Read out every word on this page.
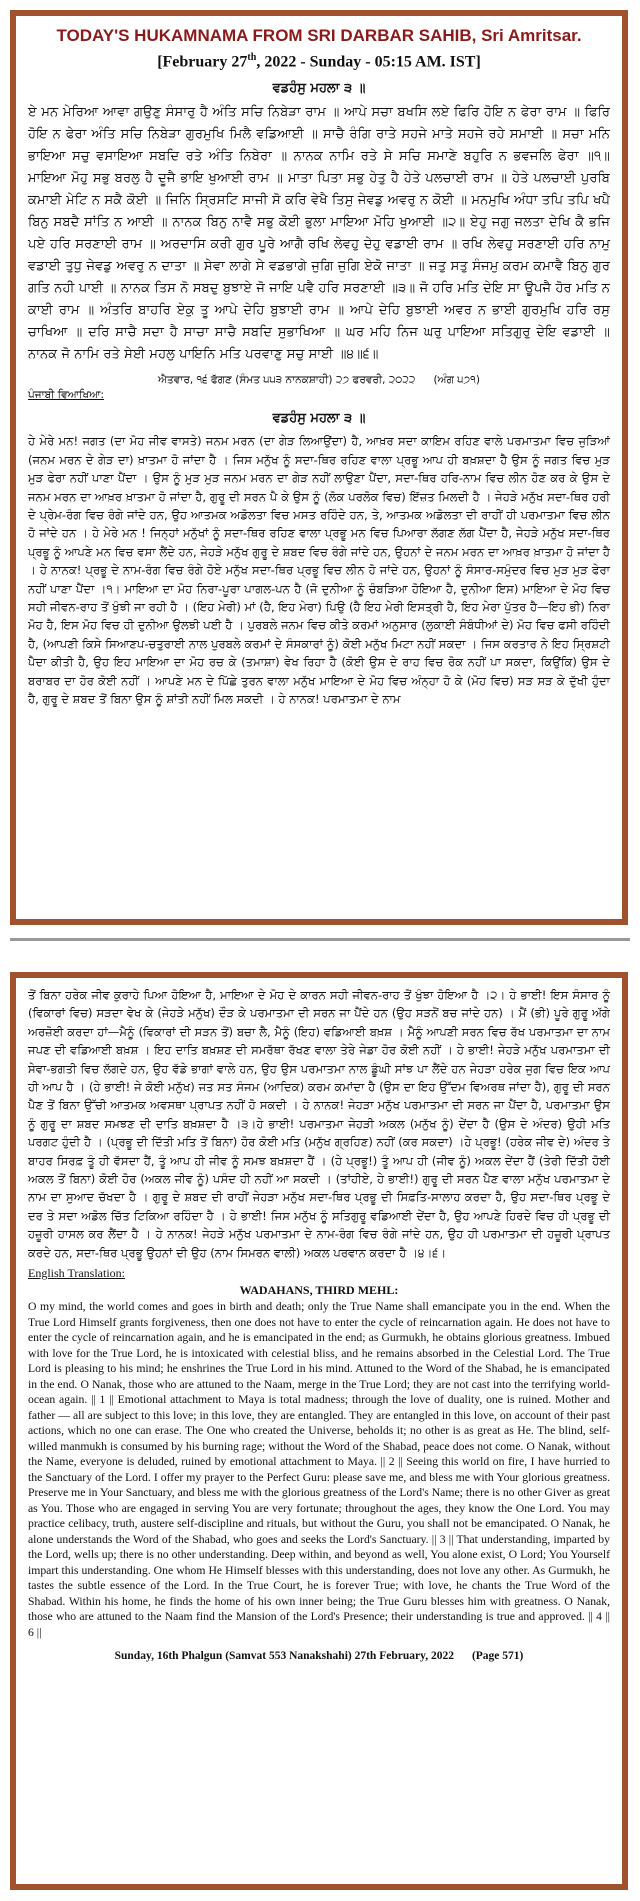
TODAY'S HUKAMNAMA FROM SRI DARBAR SAHIB, Sri Amritsar.
[February 27th, 2022 - Sunday - 05:15 AM. IST]
ਵਡਹੰਸੁ ਮਹਲਾ ੩ ॥
ਏ ਮਨ ਮੇਰਿਆ ਆਵਾ ਗਉਣੁ ਸੰਸਾਰੁ ਹੈ ਅੰਤਿ ਸਚਿ ਨਿਬੇੜਾ ਰਾਮ ॥ ਆਪੇ ਸਚਾ ਬਖਸਿ ਲਏ ਫਿਰਿ ਹੋਇ ਨ ਫੇਰਾ ਰਾਮ ॥ ਫਿਰਿ ਹੋਇ ਨ ਫੇਰਾ ਅੰਤਿ ਸਚਿ ਨਿਬੇੜਾ ਗੁਰਮੁਖਿ ਮਿਲੈ ਵਡਿਆਈ ॥ ਸਾਚੈ ਰੰਗਿ ਰਾਤੇ ਸਹਜੇ ਮਾਤੇ ਸਹਜੇ ਰਹੇ ਸਮਾਈ ॥ ਸਚਾ ਮਨਿ ਭਾਇਆ ਸਚੁ ਵਸਾਇਆ ਸਬਦਿ ਰਤੇ ਅੰਤਿ ਨਿਬੇਰਾ ॥ ਨਾਨਕ ਨਾਮਿ ਰਤੇ ਸੇ ਸਚਿ ਸਮਾਣੇ ਬਹੁਰਿ ਨ ਭਵਜਲਿ ਫੇਰਾ ॥੧॥ ਮਾਇਆ ਮੋਹੁ ਸਭੁ ਬਰਲੁ ਹੈ ਦੂਜੈ ਭਾਇ ਖੁਆਈ ਰਾਮ ॥ ਮਾਤਾ ਪਿਤਾ ਸਭੁ ਹੇਤੁ ਹੈ ਹੇਤੇ ਪਲਚਾਈ ਰਾਮ ॥ ਹੇਤੇ ਪਲਚਾਈ ਪੁਰਬਿ ਕਮਾਈ ਮੇਟਿ ਨ ਸਕੈ ਕੋਈ ॥ ਜਿਨਿ ਸ੍ਰਿਸਟਿ ਸਾਜੀ ਸੋ ਕਰਿ ਵੇਖੈ ਤਿਸੁ ਜੇਵਡੁ ਅਵਰੁ ਨ ਕੋਈ ॥ ਮਨਮੁਖਿ ਅੰਧਾ ਤਪਿ ਤਪਿ ਖਪੈ ਬਿਨੁ ਸਬਦੈ ਸਾਂਤਿ ਨ ਆਈ ॥ ਨਾਨਕ ਬਿਨੁ ਨਾਵੈ ਸਭੁ ਕੋਈ ਭੁਲਾ ਮਾਇਆ ਮੋਹਿ ਖੁਆਈ ॥੨॥ ਏਹੁ ਜਗੁ ਜਲਤਾ ਦੇਖਿ ਕੈ ਭਜਿ ਪਏ ਹਰਿ ਸਰਣਾਈ ਰਾਮ ॥ ਅਰਦਾਸਿ ਕਰੀ ਗੁਰ ਪੂਰੇ ਆਗੈ ਰਖਿ ਲੇਵਹੁ ਦੇਹੁ ਵਡਾਈ ਰਾਮ ॥ ਰਖਿ ਲੇਵਹੁ ਸਰਣਾਈ ਹਰਿ ਨਾਮੁ ਵਡਾਈ ਤੁਧੁ ਜੇਵਡੁ ਅਵਰੁ ਨ ਦਾਤਾ ॥ ਸੇਵਾ ਲਾਗੇ ਸੇ ਵਡਭਾਗੇ ਜੁਗਿ ਜੁਗਿ ਏਕੋ ਜਾਤਾ ॥ ਜਤੁ ਸਤੁ ਸੰਜਮੁ ਕਰਮ ਕਮਾਵੈ ਬਿਨੁ ਗੁਰ ਗਤਿ ਨਹੀ ਪਾਈ ॥ ਨਾਨਕ ਤਿਸ ਨੋ ਸਬਦੁ ਬੁਝਾਏ ਜੋ ਜਾਇ ਪਵੈ ਹਰਿ ਸਰਣਾਈ ॥੩॥ ਜੋ ਹਰਿ ਮਤਿ ਦੇਇ ਸਾ ਊਪਜੈ ਹੋਰ ਮਤਿ ਨ ਕਾਈ ਰਾਮ ॥ ਅੰਤਰਿ ਬਾਹਰਿ ਏਕੁ ਤੂ ਆਪੇ ਦੇਹਿ ਬੁਝਾਈ ਰਾਮ ॥ ਆਪੇ ਦੇਹਿ ਬੁਝਾਈ ਅਵਰ ਨ ਭਾਈ ਗੁਰਮੁਖਿ ਹਰਿ ਰਸੁ ਚਾਖਿਆ ॥ ਦਰਿ ਸਾਚੈ ਸਦਾ ਹੈ ਸਾਚਾ ਸਾਚੈ ਸਬਦਿ ਸੁਭਾਖਿਆ ॥ ਘਰ ਮਹਿ ਨਿਜ ਘਰੁ ਪਾਇਆ ਸਤਿਗੁਰੁ ਦੇਇ ਵਡਾਈ ॥ ਨਾਨਕ ਜੋ ਨਾਮਿ ਰਤੇ ਸੇਈ ਮਹਲੁ ਪਾਇਨਿ ਮਤਿ ਪਰਵਾਣੁ ਸਚੁ ਸਾਈ ॥੪॥੬॥
ਐਤਵਾਰ, ੧੬ ਫੱਗਣ (ਸੰਮਤ ੫੫੩ ਨਾਨਕਸ਼ਾਹੀ) ੨੭ ਫਰਵਰੀ, ੨੦੨੨ (ਅੰਗ ੫੭੧)
ਪੰਜਾਬੀ ਵਿਆਖਿਆ:
ਵਡਹੰਸੁ ਮਹਲਾ ੩ ॥
ਹੇ ਮੇਰੇ ਮਨ! ਜਗਤ (ਦਾ ਮੋਹ ਜੀਵ ਵਾਸਤੇ) ਜਨਮ ਮਰਨ (ਦਾ ਗੇੜ ਲਿਆਉਂਦਾ) ਹੈ, ਆਖ਼ਰ ਸਦਾ ਕਾਇਮ ਰਹਿਣ ਵਾਲੇ ਪਰਮਾਤਮਾ ਵਿਚ ਜੁੜਿਆਂ (ਜਨਮ ਮਰਨ ਦੇ ਗੇੜ ਦਾ) ਖ਼ਾਤਮਾ ਹੋ ਜਾਂਦਾ ਹੈ । ਜਿਸ ਮਨੁੱਖ ਨੂੰ ਸਦਾ-ਥਿਰ ਰਹਿਣ ਵਾਲਾ ਪ੍ਰਭੂ ਆਪ ਹੀ ਬਖ਼ਸ਼ਦਾ ਹੈ ਉਸ ਨੂੰ ਜਗਤ ਵਿਚ ਮੁੜ ਮੁੜ ਫੇਰਾ ਨਹੀਂ ਪਾਣਾ ਪੈਂਦਾ । ਉਸ ਨੂੰ ਮੁੜ ਮੁੜ ਜਨਮ ਮਰਨ ਦਾ ਗੇੜ ਨਹੀਂ ਲਾਉਣਾ ਪੈਂਦਾ, ਸਦਾ-ਥਿਰ ਹਰਿ-ਨਾਮ ਵਿਚ ਲੀਨ ਹੋਣ ਕਰ ਕੇ ਉਸ ਦੇ ਜਨਮ ਮਰਨ ਦਾ ਆਖ਼ਰ ਖ਼ਾਤਮਾ ਹੋ ਜਾਂਦਾ ਹੈ, ਗੁਰੂ ਦੀ ਸਰਨ ਪੈ ਕੇ ਉਸ ਨੂੰ (ਲੋਕ ਪਰਲੋਕ ਵਿਚ) ਇੱਜ਼ਤ ਮਿਲਦੀ ਹੈ । ਜੇਹੜੇ ਮਨੁੱਖ ਸਦਾ-ਥਿਰ ਹਰੀ ਦੇ ਪ੍ਰੇਮ-ਰੰਗ ਵਿਚ ਰੰਗੇ ਜਾਂਦੇ ਹਨ, ਉਹ ਆਤਮਕ ਅਡੋਲਤਾ ਵਿਚ ਮਸਤ ਰਹਿੰਦੇ ਹਨ, ਤੇ, ਆਤਮਕ ਅਡੋਲਤਾ ਦੀ ਰਾਹੀਂ ਹੀ ਪਰਮਾਤਮਾ ਵਿਚ ਲੀਨ ਹੋ ਜਾਂਦੇ ਹਨ । ਹੇ ਮੇਰੇ ਮਨ ! ਜਿਨ੍ਹਾਂ ਮਨੁੱਖਾਂ ਨੂੰ ਸਦਾ-ਥਿਰ ਰਹਿਣ ਵਾਲਾ ਪ੍ਰਭੂ ਮਨ ਵਿਚ ਪਿਆਰਾ ਲੱਗਣ ਲੱਗ ਪੈਂਦਾ ਹੈ, ਜੇਹੜੇ ਮਨੁੱਖ ਸਦਾ-ਥਿਰ ਪ੍ਰਭੂ ਨੂੰ ਆਪਣੇ ਮਨ ਵਿਚ ਵਸਾ ਲੈਂਦੇ ਹਨ, ਜੇਹੜੇ ਮਨੁੱਖ ਗੁਰੂ ਦੇ ਸ਼ਬਦ ਵਿਚ ਰੰਗੇ ਜਾਂਦੇ ਹਨ, ਉਹਨਾਂ ਦੇ ਜਨਮ ਮਰਨ ਦਾ ਆਖ਼ਰ ਖ਼ਾਤਮਾ ਹੋ ਜਾਂਦਾ ਹੈ । ਹੇ ਨਾਨਕ! ਪ੍ਰਭੂ ਦੇ ਨਾਮ-ਰੰਗ ਵਿਚ ਰੰਗੇ ਹੋਏ ਮਨੁੱਖ ਸਦਾ-ਥਿਰ ਪ੍ਰਭੂ ਵਿਚ ਲੀਨ ਹੋ ਜਾਂਦੇ ਹਨ, ਉਹਨਾਂ ਨੂੰ ਸੰਸਾਰ-ਸਮੁੰਦਰ ਵਿਚ ਮੁੜ ਮੁੜ ਫੇਰਾ ਨਹੀਂ ਪਾਣਾ ਪੈਂਦਾ ।੧। ਮਾਇਆ ਦਾ ਮੋਹ ਨਿਰਾ-ਪੂਰਾ ਪਾਗਲ-ਪਨ ਹੈ (ਜੋ ਦੁਨੀਆ ਨੂੰ ਚੰਬੜਿਆ ਹੋਇਆ ਹੈ, ਦੁਨੀਆ ਇਸ) ਮਾਇਆ ਦੇ ਮੋਹ ਵਿਚ ਸਹੀ ਜੀਵਨ-ਰਾਹ ਤੋਂ ਖੁੰਝੀ ਜਾ ਰਹੀ ਹੈ । (ਇਹ ਮੇਰੀ) ਮਾਂ (ਹੈ, ਇਹ ਮੇਰਾ) ਪਿਉ (ਹੈ ਇਹ ਮੇਰੀ ਇਸਤ੍ਰੀ ਹੈ, ਇਹ ਮੇਰਾ ਪੁੱਤਰ ਹੈ—ਇਹ ਭੀ) ਨਿਰਾ ਮੋਹ ਹੈ, ਇਸ ਮੋਹ ਵਿਚ ਹੀ ਦੁਨੀਆ ਉਲਝੀ ਪਈ ਹੈ । ਪੁਰਬਲੇ ਜਨਮ ਵਿਚ ਕੀਤੇ ਕਰਮਾਂ ਅਨੁਸਾਰ (ਲੁਕਾਈ ਸੰਬੰਧੀਆਂ ਦੇ) ਮੋਹ ਵਿਚ ਫਸੀ ਰਹਿੰਦੀ ਹੈ, (ਆਪਣੀ ਕਿਸੇ ਸਿਆਣਪ-ਚਤੁਰਾਈ ਨਾਲ ਪੁਰਬਲੇ ਕਰਮਾਂ ਦੇ ਸੰਸਕਾਰਾਂ ਨੂੰ) ਕੋਈ ਮਨੁੱਖ ਮਿਟਾ ਨਹੀਂ ਸਕਦਾ । ਜਿਸ ਕਰਤਾਰ ਨੇ ਇਹ ਸ੍ਰਿਸ਼ਟੀ ਪੈਦਾ ਕੀਤੀ ਹੈ, ਉਹ ਇਹ ਮਾਇਆ ਦਾ ਮੋਹ ਰਚ ਕੇ (ਤਮਾਸ਼ਾ) ਵੇਖ ਰਿਹਾ ਹੈ (ਕੋਈ ਉਸ ਦੇ ਰਾਹ ਵਿਚ ਰੋਕ ਨਹੀਂ ਪਾ ਸਕਦਾ, ਕਿਉਂਕਿ) ਉਸ ਦੇ ਬਰਾਬਰ ਦਾ ਹੋਰ ਕੋਈ ਨਹੀਂ । ਆਪਣੇ ਮਨ ਦੇ ਪਿੱਛੇ ਤੁਰਨ ਵਾਲਾ ਮਨੁੱਖ ਮਾਇਆ ਦੇ ਮੋਹ ਵਿਚ ਅੰਨ੍ਹਾ ਹੋ ਕੇ (ਮੋਹ ਵਿਚ) ਸੜ ਸੜ ਕੇ ਦੁੱਖੀ ਹੁੰਦਾ ਹੈ, ਗੁਰੂ ਦੇ ਸ਼ਬਦ ਤੋਂ ਬਿਨਾ ਉਸ ਨੂੰ ਸ਼ਾਂਤੀ ਨਹੀਂ ਮਿਲ ਸਕਦੀ । ਹੇ ਨਾਨਕ! ਪਰਮਾਤਮਾ ਦੇ ਨਾਮ
ਤੋਂ ਬਿਨਾ ਹਰੇਕ ਜੀਵ ਕੁਰਾਹੇ ਪਿਆ ਹੋਇਆ ਹੈ, ਮਾਇਆ ਦੇ ਮੋਹ ਦੇ ਕਾਰਨ ਸਹੀ ਜੀਵਨ-ਰਾਹ ਤੋਂ ਖੁੰਝਾ ਹੋਇਆ ਹੈ ।੨। ਹੇ ਭਾਈ! ਇਸ ਸੰਸਾਰ ਨੂੰ (ਵਿਕਾਰਾਂ ਵਿਚ) ਸੜਦਾ ਵੇਖ ਕੇ (ਜੇਹੜੇ ਮਨੁੱਖ) ਦੌੜ ਕੇ ਪਰਮਾਤਮਾ ਦੀ ਸਰਨ ਜਾ ਪੈਂਦੇ ਹਨ (ਉਹ ਸੜਨੋਂ ਬਚ ਜਾਂਦੇ ਹਨ) । ਮੈਂ (ਭੀ) ਪੂਰੇ ਗੁਰੂ ਅੱਗੇ ਅਰਜ਼ੋਈ ਕਰਦਾ ਹਾਂ—ਮੈਨੂੰ (ਵਿਕਾਰਾਂ ਦੀ ਸੜਨ ਤੋਂ) ਬਚਾ ਲੈ, ਮੈਨੂੰ (ਇਹ) ਵਡਿਆਈ ਬਖ਼ਸ਼ । ਮੈਨੂੰ ਆਪਣੀ ਸਰਨ ਵਿਚ ਰੱਖ ਪਰਮਾਤਮਾ ਦਾ ਨਾਮ ਜਪਣ ਦੀ ਵਡਿਆਈ ਬਖ਼ਸ਼ । ਇਹ ਦਾਤਿ ਬਖ਼ਸ਼ਣ ਦੀ ਸਮਰੱਥਾ ਰੱਖਣ ਵਾਲਾ ਤੇਰੇ ਜੇਡਾ ਹੋਰ ਕੋਈ ਨਹੀਂ । ਹੇ ਭਾਈ! ਜੇਹੜੇ ਮਨੁੱਖ ਪਰਮਾਤਮਾ ਦੀ ਸੇਵਾ-ਭਗਤੀ ਵਿਚ ਲੱਗਦੇ ਹਨ, ਉਹ ਵੱਡੇ ਭਾਗਾਂ ਵਾਲੇ ਹਨ, ਉਹ ਉਸ ਪਰਮਾਤਮਾ ਨਾਲ ਡੂੰਘੀ ਸਾਂਝ ਪਾ ਲੈਂਦੇ ਹਨ ਜੇਹੜਾ ਹਰੇਕ ਜੁਗ ਵਿਚ ਇਕ ਆਪ ਹੀ ਆਪ ਹੈ । (ਹੇ ਭਾਈ! ਜੇ ਕੋਈ ਮਨੁੱਖ) ਜਤ ਸਤ ਸੰਜਮ (ਆਦਿਕ) ਕਰਮ ਕਮਾਂਦਾ ਹੈ (ਉਸ ਦਾ ਇਹ ਉੱਦਮ ਵਿਅਰਥ ਜਾਂਦਾ ਹੈ), ਗੁਰੂ ਦੀ ਸਰਨ ਪੈਣ ਤੋਂ ਬਿਨਾ ਉੱਚੀ ਆਤਮਕ ਅਵਸਥਾ ਪ੍ਰਾਪਤ ਨਹੀਂ ਹੋ ਸਕਦੀ । ਹੇ ਨਾਨਕ! ਜੇਹੜਾ ਮਨੁੱਖ ਪਰਮਾਤਮਾ ਦੀ ਸਰਨ ਜਾ ਪੈਂਦਾ ਹੈ, ਪਰਮਾਤਮਾ ਉਸ ਨੂੰ ਗੁਰੂ ਦਾ ਸ਼ਬਦ ਸਮਝਣ ਦੀ ਦਾਤਿ ਬਖ਼ਸ਼ਦਾ ਹੈ ।੩।ਹੇ ਭਾਈ! ਪਰਮਾਤਮਾ ਜੇਹੜੀ ਅਕਲ (ਮਨੁੱਖ ਨੂੰ) ਦੇਂਦਾ ਹੈ (ਉਸ ਦੇ ਅੰਦਰ) ਉਹੀ ਮਤਿ ਪਰਗਟ ਹੁੰਦੀ ਹੈ । (ਪ੍ਰਭੂ ਦੀ ਦਿੱਤੀ ਮਤਿ ਤੋਂ ਬਿਨਾ) ਹੋਰ ਕੋਈ ਮਤਿ (ਮਨੁੱਖ ਗ੍ਰਹਿਣ) ਨਹੀਂ (ਕਰ ਸਕਦਾ) ।ਹੇ ਪ੍ਰਭੂ! (ਹਰੇਕ ਜੀਵ ਦੇ) ਅੰਦਰ ਤੇ ਬਾਹਰ ਸਿਰਫ਼ ਤੂੰ ਹੀ ਵੱਸਦਾ ਹੈਂ, ਤੂੰ ਆਪ ਹੀ ਜੀਵ ਨੂੰ ਸਮਝ ਬਖ਼ਸ਼ਦਾ ਹੈਂ । (ਹੇ ਪ੍ਰਭੂ!) ਤੂੰ ਆਪ ਹੀ (ਜੀਵ ਨੂੰ) ਅਕਲ ਦੇਂਦਾ ਹੈਂ (ਤੇਰੀ ਦਿੱਤੀ ਹੋਈ ਅਕਲ ਤੋਂ ਬਿਨਾ) ਕੋਈ ਹੋਰ (ਅਕਲ ਜੀਵ ਨੂੰ) ਪਸੰਦ ਹੀ ਨਹੀਂ ਆ ਸਕਦੀ । (ਤਾਂਹੀਏ, ਹੇ ਭਾਈ!) ਗੁਰੂ ਦੀ ਸਰਨ ਪੈਣ ਵਾਲਾ ਮਨੁੱਖ ਪਰਮਾਤਮਾ ਦੇ ਨਾਮ ਦਾ ਸੁਆਦ ਚੱਖਦਾ ਹੈ । ਗੁਰੂ ਦੇ ਸ਼ਬਦ ਦੀ ਰਾਹੀਂ ਜੇਹੜਾ ਮਨੁੱਖ ਸਦਾ-ਥਿਰ ਪ੍ਰਭੂ ਦੀ ਸਿਫ਼ਤਿ-ਸਾਲਾਹ ਕਰਦਾ ਹੈ, ਉਹ ਸਦਾ-ਥਿਰ ਪ੍ਰਭੂ ਦੇ ਦਰ ਤੇ ਸਦਾ ਅਡੋਲ ਚਿੱਤ ਟਿਕਿਆ ਰਹਿੰਦਾ ਹੈ । ਹੇ ਭਾਈ! ਜਿਸ ਮਨੁੱਖ ਨੂੰ ਸਤਿਗੁਰੂ ਵਡਿਆਈ ਦੇਂਦਾ ਹੈ, ਉਹ ਆਪਣੇ ਹਿਰਦੇ ਵਿਚ ਹੀ ਪ੍ਰਭੂ ਦੀ ਹਜ਼ੂਰੀ ਹਾਸਲ ਕਰ ਲੈਂਦਾ ਹੈ । ਹੇ ਨਾਨਕ! ਜੇਹੜੇ ਮਨੁੱਖ ਪਰਮਾਤਮਾ ਦੇ ਨਾਮ-ਰੰਗ ਵਿਚ ਰੰਗੇ ਜਾਂਦੇ ਹਨ, ਉਹ ਹੀ ਪਰਮਾਤਮਾ ਦੀ ਹਜ਼ੂਰੀ ਪ੍ਰਾਪਤ ਕਰਦੇ ਹਨ, ਸਦਾ-ਥਿਰ ਪ੍ਰਭੂ ਉਹਨਾਂ ਦੀ ਉਹ (ਨਾਮ ਸਿਮਰਨ ਵਾਲੀ) ਅਕਲ ਪਰਵਾਨ ਕਰਦਾ ਹੈ ।੪।੬।
English Translation:
WADAHANS, THIRD MEHL:
O my mind, the world comes and goes in birth and death; only the True Name shall emancipate you in the end. When the True Lord Himself grants forgiveness, then one does not have to enter the cycle of reincarnation again. He does not have to enter the cycle of reincarnation again, and he is emancipated in the end; as Gurmukh, he obtains glorious greatness. Imbued with love for the True Lord, he is intoxicated with celestial bliss, and he remains absorbed in the Celestial Lord. The True Lord is pleasing to his mind; he enshrines the True Lord in his mind. Attuned to the Word of the Shabad, he is emancipated in the end. O Nanak, those who are attuned to the Naam, merge in the True Lord; they are not cast into the terrifying world-ocean again. || 1 || Emotional attachment to Maya is total madness; through the love of duality, one is ruined. Mother and father — all are subject to this love; in this love, they are entangled. They are entangled in this love, on account of their past actions, which no one can erase. The One who created the Universe, beholds it; no other is as great as He. The blind, self-willed manmukh is consumed by his burning rage; without the Word of the Shabad, peace does not come. O Nanak, without the Name, everyone is deluded, ruined by emotional attachment to Maya. || 2 || Seeing this world on fire, I have hurried to the Sanctuary of the Lord. I offer my prayer to the Perfect Guru: please save me, and bless me with Your glorious greatness. Preserve me in Your Sanctuary, and bless me with the glorious greatness of the Lord's Name; there is no other Giver as great as You. Those who are engaged in serving You are very fortunate; throughout the ages, they know the One Lord. You may practice celibacy, truth, austere self-discipline and rituals, but without the Guru, you shall not be emancipated. O Nanak, he alone understands the Word of the Shabad, who goes and seeks the Lord's Sanctuary. || 3 || That understanding, imparted by the Lord, wells up; there is no other understanding. Deep within, and beyond as well, You alone exist, O Lord; You Yourself impart this understanding. One whom He Himself blesses with this understanding, does not love any other. As Gurmukh, he tastes the subtle essence of the Lord. In the True Court, he is forever True; with love, he chants the True Word of the Shabad. Within his home, he finds the home of his own inner being; the True Guru blesses him with greatness. O Nanak, those who are attuned to the Naam find the Mansion of the Lord's Presence; their understanding is true and approved. || 4 || 6 ||
Sunday, 16th Phalgun (Samvat 553 Nanakshahi) 27th February, 2022 (Page 571)
